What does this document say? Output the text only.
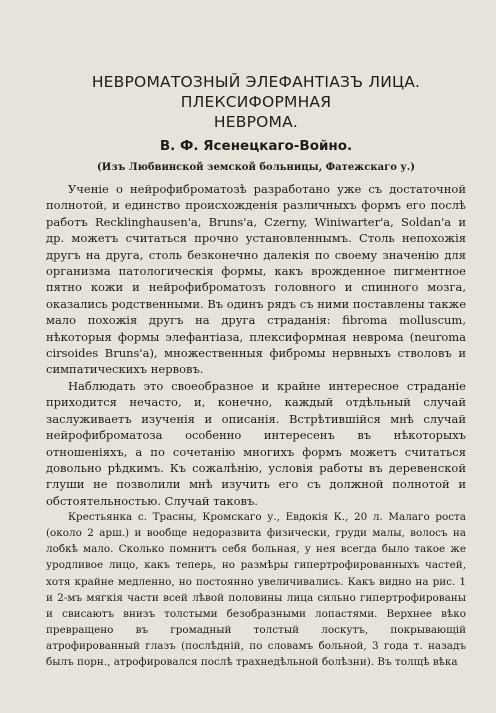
НЕВРОМАТОЗНЫЙ ЭЛЕФАНТІАЗЪ ЛИЦА. ПЛЕКСИФОРМНАЯ
НЕВРОМА.
В. Ф. Ясенецкаго-Войно.
(Изъ Любвинской земской больницы, Фатежскаго у.)

Ученіе о нейрофиброматозѣ разработано уже съ достаточной полнотой, и единство происхожденія различныхъ формъ его послѣ работъ Recklinghausen'а, Bruns'а, Czerny, Winiwarter'а, Soldan'а и др. можетъ считаться прочно установленнымъ. Столь непохожія другъ на друга, столь безконечно далекія по своему значенію для организма патологическія формы, какъ врожденное пигментное пятно кожи и нейрофиброматозъ головного и спинного мозга, оказались родственными. Въ одинъ рядъ съ ними поставлены также мало похожія другъ на друга страданія: fibroma molluscum, нѣкоторыя формы элефантіаза, плексиформная неврома (neuroma cirsoides Bruns'а), множественныя фибромы нервныхъ стволовъ и симпатическихъ нервовъ.

Наблюдать это своеобразное и крайне интересное страданіе приходится нечасто, и, конечно, каждый отдѣльный случай заслуживаетъ изученія и описанія. Встрѣтившійся мнѣ случай нейрофиброматоза особенно интересенъ въ нѣкоторыхъ отношеніяхъ, а по сочетанію многихъ формъ можетъ считаться довольно рѣдкимъ. Къ сожалѣнію, условія работы въ деревенской глуши не позволили мнѣ изучить его съ должной полнотой и обстоятельностью. Случай таковъ.

Крестьянка с. Трасны, Кромскаго у., Евдокія К., 20 л. Малаго роста (около 2 арш.) и вообще недоразвита физически, груди малы, волосъ на лобкѣ мало. Сколько помнитъ себя больная, у нея всегда было такое же уродливое лицо, какъ теперь, но размѣры гипертрофированныхъ частей, хотя крайне медленно, но постоянно увеличивались. Какъ видно на рис. 1 и 2-мъ мягкія части всей лѣвой половины лица сильно гипертрофированы и свисаютъ внизъ толстыми безобразными лопастями. Верхнее вѣко превращено въ громадный толстый лоскутъ, покрывающій атрофированный глазъ (послѣдній, по словамъ больной, 3 года т. назадъ былъ порн., атрофировался послѣ трахнедѣльной болѣзни). Въ толщѣ вѣка
